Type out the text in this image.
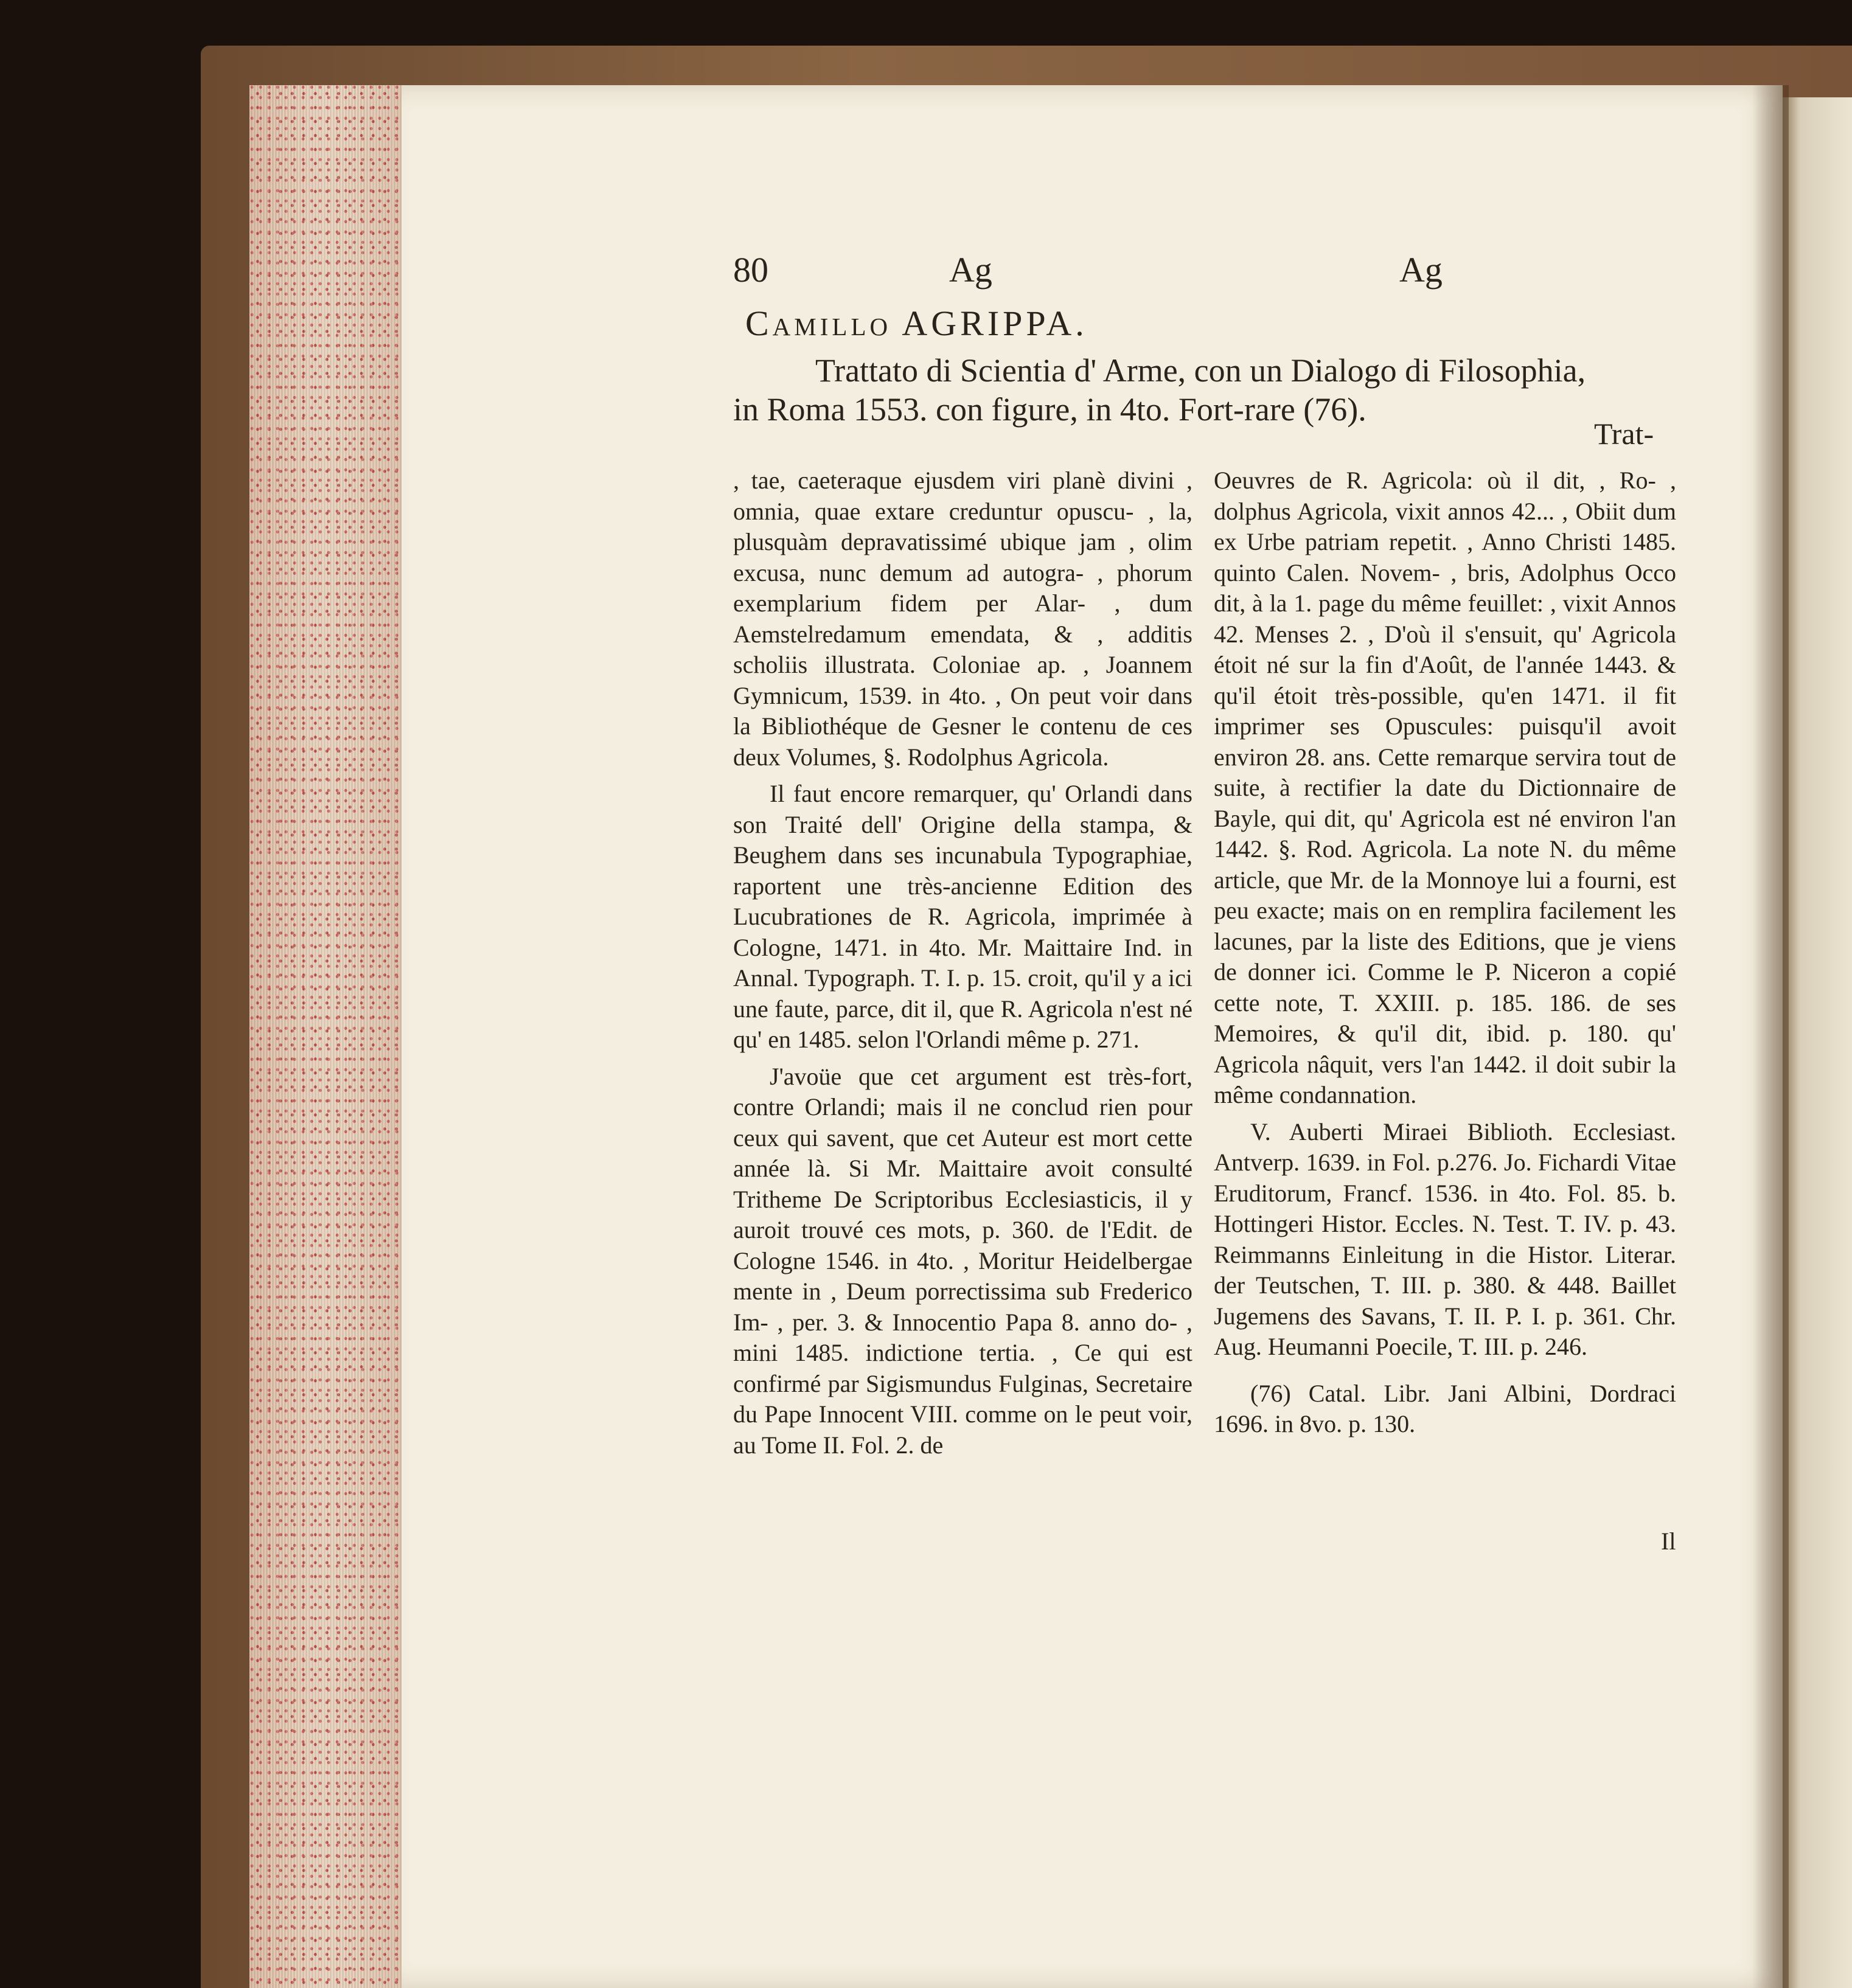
80	Ag	Ag
Camillo AGRIPPA.
Trattato di Scientia d' Arme, con un Dialogo di Filosophia,
in Roma 1553. con figure, in 4to. Fort-rare (76).
Trat-

, tae, caeteraque ejusdem viri planè divini , omnia, quae extare creduntur opuscu- , la, plusquàm depravatissimé ubique jam , olim excusa, nunc demum ad autogra- , phorum exemplarium fidem per Alar- , dum Aemstelredamum emendata, & , additis scholiis illustrata. Coloniae ap. , Joannem Gymnicum, 1539. in 4to. , On peut voir dans la Bibliothéque de Gesner le contenu de ces deux Volumes, §. Rodolphus Agricola.

Il faut encore remarquer, qu' Orlandi dans son Traité dell' Origine della stampa, & Beughem dans ses incunabula Typographiae, raportent une très-ancienne Edition des Lucubrationes de R. Agricola, imprimée à Cologne, 1471. in 4to. Mr. Maittaire Ind. in Annal. Typograph. T. I. p. 15. croit, qu'il y a ici une faute, parce, dit il, que R. Agricola n'est né qu' en 1485. selon l'Orlandi même p. 271.

J'avoüe que cet argument est très-fort, contre Orlandi; mais il ne conclud rien pour ceux qui savent, que cet Auteur est mort cette année là. Si Mr. Maittaire avoit consulté Tritheme De Scriptoribus Ecclesiasticis, il y auroit trouvé ces mots, p. 360. de l'Edit. de Cologne 1546. in 4to. , Moritur Heidelbergae mente in , Deum porrectissima sub Frederico Im- , per. 3. & Innocentio Papa 8. anno do- , mini 1485. indictione tertia. , Ce qui est confirmé par Sigismundus Fulginas, Secretaire du Pape Innocent VIII. comme on le peut voir, au Tome II. Fol. 2. de

Oeuvres de R. Agricola: où il dit, , Ro- , dolphus Agricola, vixit annos 42... , Obiit dum ex Urbe patriam repetit. , Anno Christi 1485. quinto Calen. Novem- , bris, Adolphus Occo dit, à la 1. page du même feuillet: , vixit Annos 42. Menses 2. , D'où il s'ensuit, qu' Agricola étoit né sur la fin d'Août, de l'année 1443. & qu'il étoit très-possible, qu'en 1471. il fit imprimer ses Opuscules: puisqu'il avoit environ 28. ans. Cette remarque servira tout de suite, à rectifier la date du Dictionnaire de Bayle, qui dit, qu' Agricola est né environ l'an 1442. §. Rod. Agricola. La note N. du même article, que Mr. de la Monnoye lui a fourni, est peu exacte; mais on en remplira facilement les lacunes, par la liste des Editions, que je viens de donner ici. Comme le P. Niceron a copié cette note, T. XXIII. p. 185. 186. de ses Memoires, & qu'il dit, ibid. p. 180. qu' Agricola nâquit, vers l'an 1442. il doit subir la même condannation.

V. Auberti Miraei Biblioth. Ecclesiast. Antverp. 1639. in Fol. p.276. Jo. Fichardi Vitae Eruditorum, Francf. 1536. in 4to. Fol. 85. b. Hottingeri Histor. Eccles. N. Test. T. IV. p. 43. Reimmanns Einleitung in die Histor. Literar. der Teutschen, T. III. p. 380. & 448. Baillet Jugemens des Savans, T. II. P. I. p. 361. Chr. Aug. Heumanni Poecile, T. III. p. 246.

(76) Catal. Libr. Jani Albini, Dordraci 1696. in 8vo. p. 130.

Il
